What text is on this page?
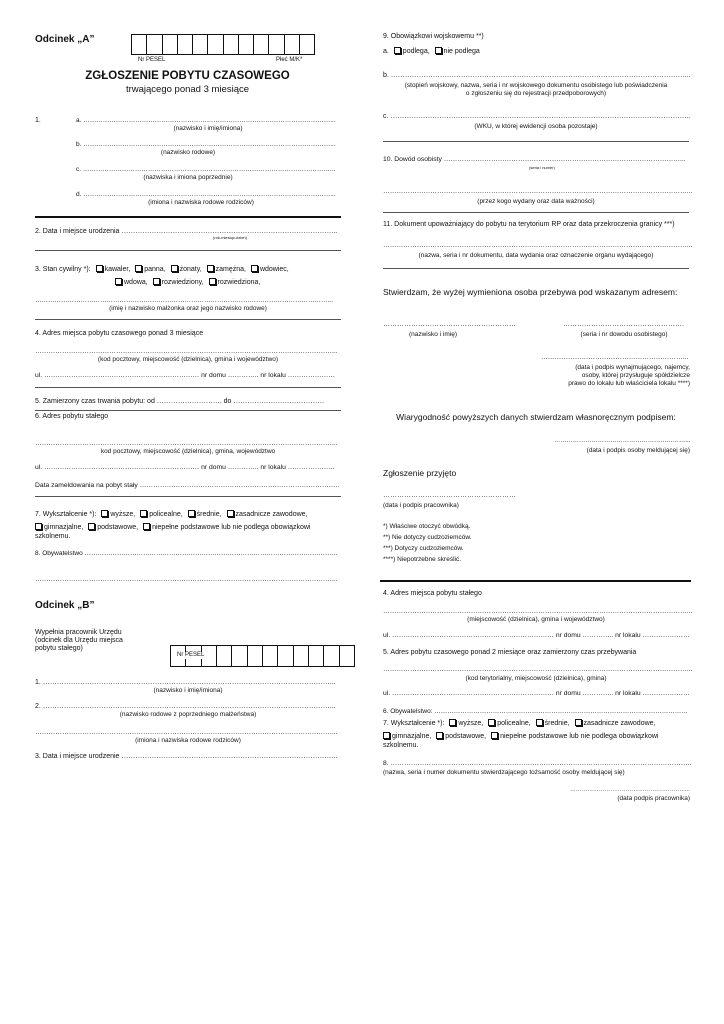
Odcinek „A”
Nr PESEL	Płeć M/K*
ZGŁOSZENIE POBYTU CZASOWEGO
trwającego ponad 3 miesiące
1.	a. ……………………………………………………………………………………………………...
(nazwisko i imię/imiona)
b. ……………………………………………………………………………………………………...
(nazwisko rodowe)
c. ……………………………………………………………………………………………………...
(nazwiska i imiona poprzednie)
d. ……………………………………………………………………………………………………...
(imiona i nazwiska rodowe rodziców)
2. Data i miejsce urodzenia ………………………………………………………………………………...
(rok-miesiąc-dzień)
3. Stan cywilny *): kawaler, panna, żonaty, zamężna, wdowiec,
wdowa, rozwiedziony, rozwiedziona,
………………………………………………………………………………………………………………………...
(imię i nazwisko małżonka oraz jego nazwisko rodowe)
4. Adres miejsca pobytu czasowego ponad 3 miesiące
……………………………………………………………………………………………………………………...
(kod pocztowy, miejscowość (dzielnica), gmina i województwo)
ul. …………………………………………………………… nr domu ………….. nr lokalu …………………
5. Zamierzony czas trwania pobytu: od ………………………. do …………………………………
6. Adres pobytu stałego
……………………………………………………………………………………………………………………...
kod pocztowy, miejscowość (dzielnica), gmina, województwo
ul. …………………………………………………………… nr domu ………….. nr lokalu …………………
Data zameldowania na pobyt stały ……………………………………………………………………………..
7. Wykształcenie *): wyższe, policealne, średnie, zasadnicze zawodowe,
gimnazjalne, podstawowe, niepełne podstawowe lub nie podlega obowiązkowi
szkolnemu.
8. Obywatelstwo ………………………………………………………………………………………………………
……………………………………………………………………………………………………………………...
Odcinek „B”
Wypełnia pracownik Urzędu
(odcinek dla Urzędu miejsca
pobytu stałego)
Nr PESEL
1. ……………………………………………………………………………………………………………...
(nazwisko i imię/imiona)
2. ……………………………………………………………………………………………………………...
(nazwisko rodowe z poprzedniego małżeństwa)
……………………………………………………………………………………………………………………...
(imiona i nazwiska rodowe rodziców)
3. Data i miejsce urodzenie ………………………………………………………………………………...
9. Obowiązkowi wojskowemu **)
a. podlega, nie podlega
b. ………………………………………………………………………………………………………………...
(stopień wojskowy, nazwa, seria i nr wojskowego dokumentu osobistego lub poświadczenia
o zgłoszeniu się do rejestracji przedpoborowych)
c. ………………………………………………………………………………………………………………...
(WKU, w której ewidencji osoba pozostaje)
10. Dowód osobisty ……………………………………………………………………………………………...
(seria i numer)
………………………………………………………………………………………………………………………...
(przez kogo wydany oraz data ważności)
11. Dokument upoważniający do pobytu na terytorium RP oraz data przekroczenia granicy ***)
………………………………………………………………………………………………………………………...
(nazwa, seria i nr dokumentu, data wydania oraz oznaczenie organu wydającego)
Stwierdzam, że wyżej wymieniona osoba przebywa pod wskazanym adresem:
…………………………………………………
(nazwisko i imię)
…………………………………………….
(seria i nr dowodu osobistego)
………………………………………………………...
(data i podpis wynajmującego, najemcy,
osoby, której przysługuje spółdzielcze
prawo do lokalu lub właściciela lokalu ****)
Wiarygodność powyższych danych stwierdzam własnoręcznym podpisem:
………………………………………………………...
(data i podpis osoby meldującej się)
Zgłoszenie przyjęto
…………………………………………………
(data i podpis pracownika)
*) Właściwe otoczyć obwódką.
**) Nie dotyczy cudzoziemców.
***) Dotyczy cudzoziemców.
****) Niepotrzebne skreślić.
4. Adres miejsca pobytu stałego
………………………………………………………………………………………………………………………...
(miejscowość (dzielnica), gmina i województwo)
ul. ……………………………………………………………… nr domu ………….. nr lokalu …………………
5. Adres pobytu czasowego ponad 2 miesiące oraz zamierzony czas przebywania
………………………………………………………………………………………………………………………...
(kod terytorialny, miejscowość (dzielnica), gmina)
ul. ……………………………………………………………… nr domu ………….. nr lokalu …………………
6. Obywatelstwo: ………………………………………………………………………………………………………
7. Wykształcenie *): wyższe, policealne, średnie, zasadnicze zawodowe,
gimnazjalne, podstawowe, niepełne podstawowe lub nie podlega obowiązkowi
szkolnemu.
8. ……………………………………………………………………………………………………………………..
(nazwa, seria i numer dokumentu stwierdzającego tożsamość osoby meldującej się)
……………………………………………………...
(data podpis pracownika)
